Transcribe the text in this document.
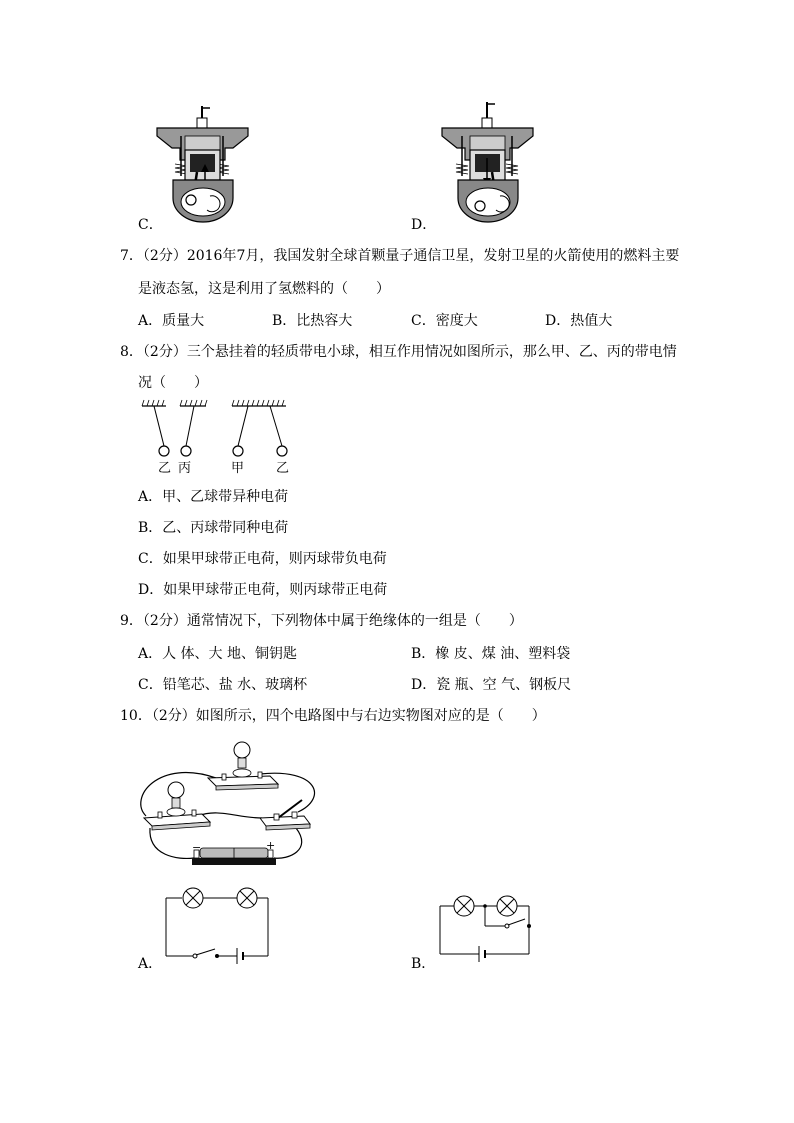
C．	D．
7．（2分）2016年7月，我国发射全球首颗量子通信卫星，发射卫星的火箭使用的燃料主要
是液态氢，这是利用了氢燃料的（　　）
A．质量大	B．比热容大	C．密度大	D．热值大
8．（2分）三个悬挂着的轻质带电小球，相互作用情况如图所示，那么甲、乙、丙的带电情
况（　　）
乙 丙	甲 乙
A．甲、乙球带异种电荷
B．乙、丙球带同种电荷
C．如果甲球带正电荷，则丙球带负电荷
D．如果甲球带正电荷，则丙球带正电荷
9．（2分）通常情况下，下列物体中属于绝缘体的一组是（　　）
A．人 体、大 地、铜钥匙	B．橡 皮、煤 油、塑料袋
C．铅笔芯、盐 水、玻璃杯	D．瓷 瓶、空 气、钢板尺
10．（2分）如图所示，四个电路图中与右边实物图对应的是（　　）
−	+
A．	B．
